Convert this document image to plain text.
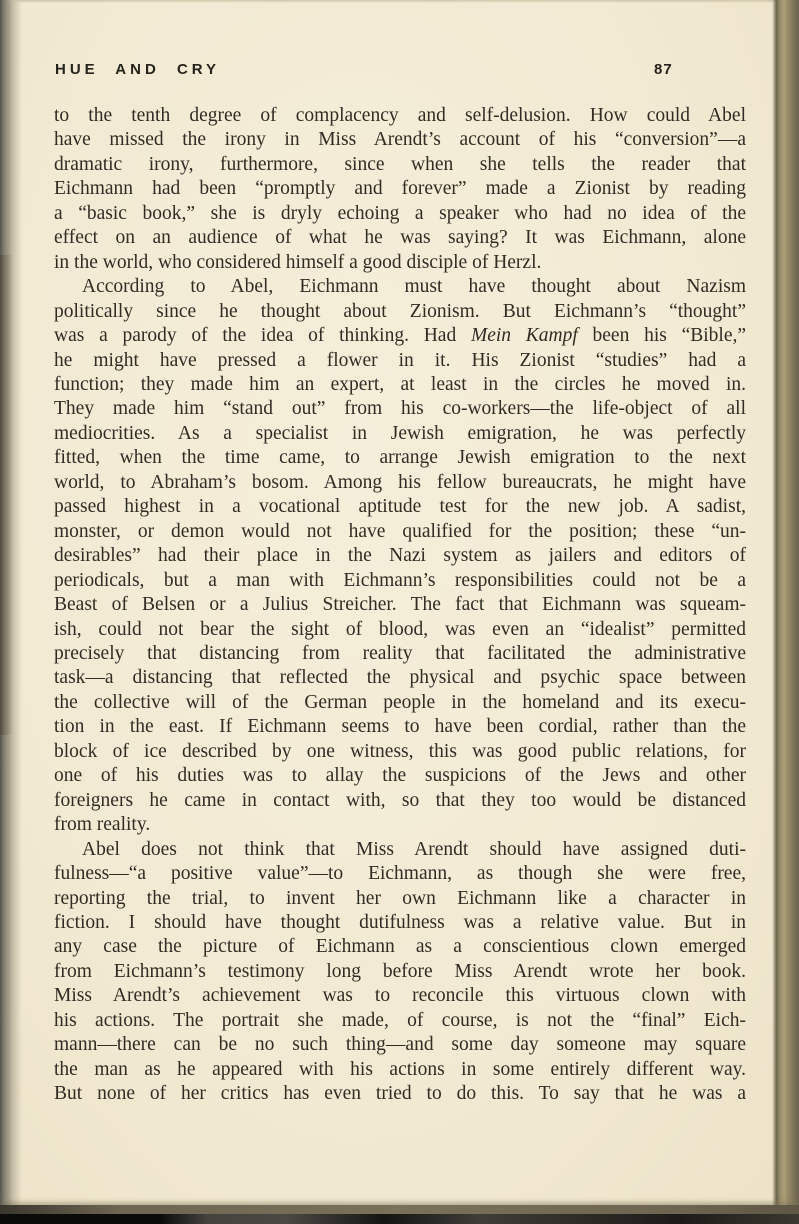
HUE AND CRY	87
to the tenth degree of complacency and self-delusion. How could Abel
have missed the irony in Miss Arendt’s account of his “conversion”—a
dramatic irony, furthermore, since when she tells the reader that
Eichmann had been “promptly and forever” made a Zionist by reading
a “basic book,” she is dryly echoing a speaker who had no idea of the
effect on an audience of what he was saying? It was Eichmann, alone
in the world, who considered himself a good disciple of Herzl.
According to Abel, Eichmann must have thought about Nazism
politically since he thought about Zionism. But Eichmann’s “thought”
was a parody of the idea of thinking. Had Mein Kampf been his “Bible,”
he might have pressed a flower in it. His Zionist “studies” had a
function; they made him an expert, at least in the circles he moved in.
They made him “stand out” from his co-workers—the life-object of all
mediocrities. As a specialist in Jewish emigration, he was perfectly
fitted, when the time came, to arrange Jewish emigration to the next
world, to Abraham’s bosom. Among his fellow bureaucrats, he might have
passed highest in a vocational aptitude test for the new job. A sadist,
monster, or demon would not have qualified for the position; these “un-
desirables” had their place in the Nazi system as jailers and editors of
periodicals, but a man with Eichmann’s responsibilities could not be a
Beast of Belsen or a Julius Streicher. The fact that Eichmann was squeam-
ish, could not bear the sight of blood, was even an “idealist” permitted
precisely that distancing from reality that facilitated the administrative
task—a distancing that reflected the physical and psychic space between
the collective will of the German people in the homeland and its execu-
tion in the east. If Eichmann seems to have been cordial, rather than the
block of ice described by one witness, this was good public relations, for
one of his duties was to allay the suspicions of the Jews and other
foreigners he came in contact with, so that they too would be distanced
from reality.
Abel does not think that Miss Arendt should have assigned duti-
fulness—“a positive value”—to Eichmann, as though she were free,
reporting the trial, to invent her own Eichmann like a character in
fiction. I should have thought dutifulness was a relative value. But in
any case the picture of Eichmann as a conscientious clown emerged
from Eichmann’s testimony long before Miss Arendt wrote her book.
Miss Arendt’s achievement was to reconcile this virtuous clown with
his actions. The portrait she made, of course, is not the “final” Eich-
mann—there can be no such thing—and some day someone may square
the man as he appeared with his actions in some entirely different way.
But none of her critics has even tried to do this. To say that he was a
